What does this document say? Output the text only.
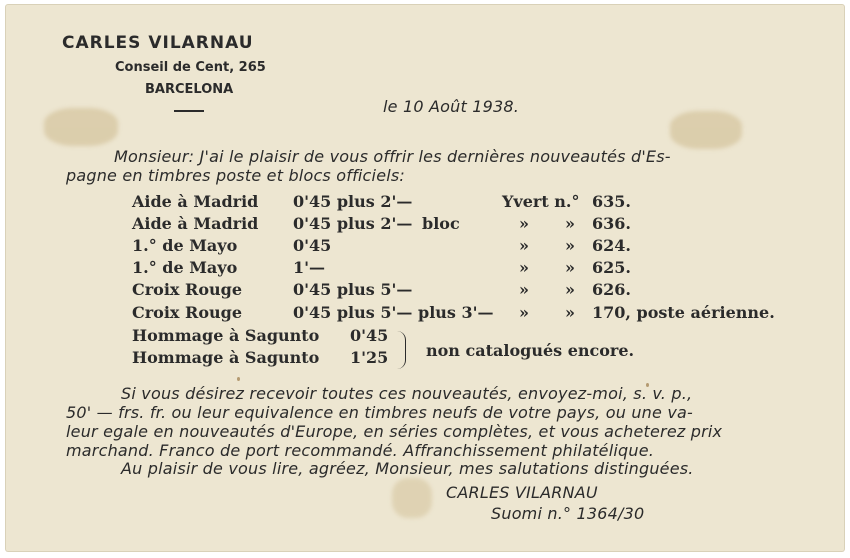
CARLES VILARNAU

Conseil de Cent, 265

BARCELONA

le 10 Août 1938.

Monsieur: J'ai le plaisir de vous offrir les dernières nouveautés d'Es-

pagne en timbres poste et blocs officiels:

Aide à Madrid 0'45 plus 2'—	Yvert n.° 635.
Aide à Madrid 0'45 plus 2'— bloc	» » 636.
1.° de Mayo	0'45	» » 624.
1.° de Mayo	1'—	» » 625.
Croix Rouge	0'45 plus 5'—	» » 626.
Croix Rouge	0'45 plus 5'— plus 3'— » » 170, poste aérienne.
Hommage à Sagunto 0'45
Hommage à Sagunto 1'25 non catalogués encore.

Si vous désirez recevoir toutes ces nouveautés, envoyez-moi, s. v. p.,

50' — frs. fr. ou leur equivalence en timbres neufs de votre pays, ou une va-

leur egale en nouveautés d'Europe, en séries complètes, et vous acheterez prix

marchand. Franco de port recommandé. Affranchissement philatélique.

Au plaisir de vous lire, agréez, Monsieur, mes salutations distinguées.

CARLES VILARNAU

Suomi n.° 1364/30
